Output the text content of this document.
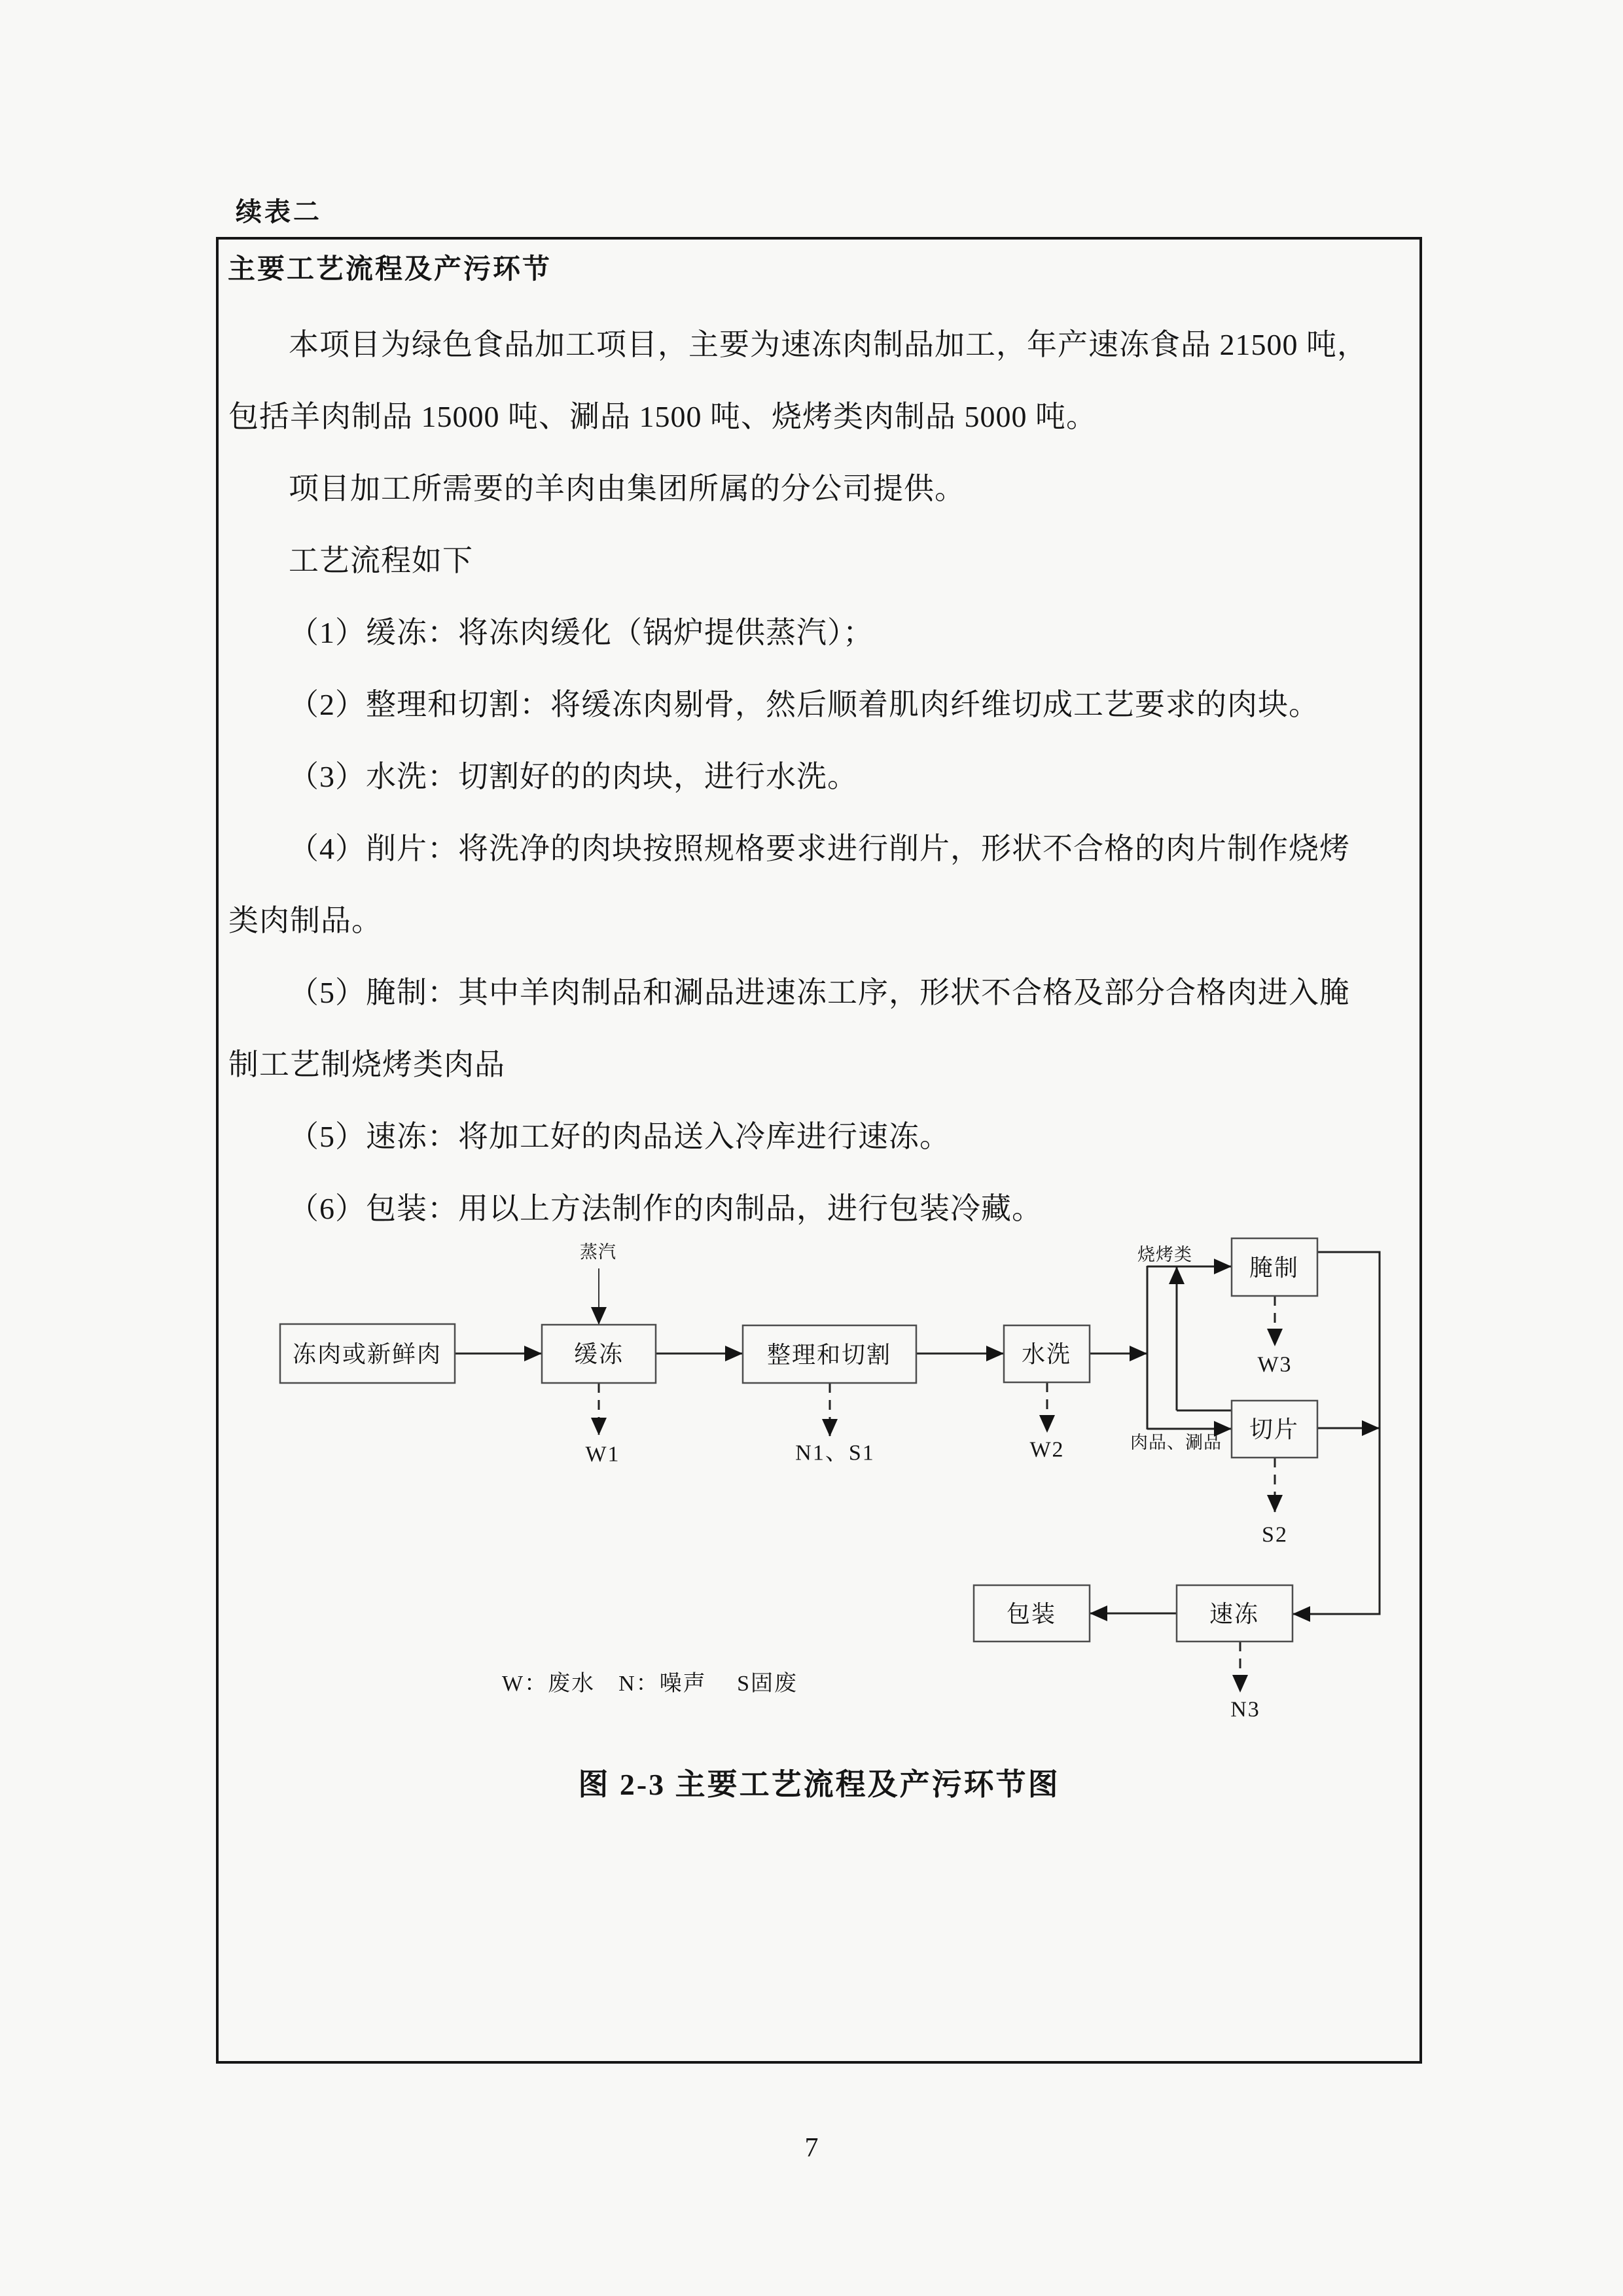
续表二
主要工艺流程及产污环节
本项目为绿色食品加工项目，主要为速冻肉制品加工，年产速冻食品 21500 吨，
包括羊肉制品 15000 吨、涮品 1500 吨、烧烤类肉制品 5000 吨。
项目加工所需要的羊肉由集团所属的分公司提供。
工艺流程如下
（1）缓冻：将冻肉缓化（锅炉提供蒸汽）；
（2）整理和切割：将缓冻肉剔骨，然后顺着肌肉纤维切成工艺要求的肉块。
（3）水洗：切割好的的肉块，进行水洗。
（4）削片：将洗净的肉块按照规格要求进行削片，形状不合格的肉片制作烧烤
类肉制品。
（5）腌制：其中羊肉制品和涮品进速冻工序，形状不合格及部分合格肉进入腌
制工艺制烧烤类肉品
（5）速冻：将加工好的肉品送入冷库进行速冻。
（6）包装：用以上方法制作的肉制品，进行包装冷藏。
冻肉或新鲜肉	缓冻	整理和切割	水洗
腌制
切片
包装	速冻
蒸汽	烧烤类
肉品、涮品
W1	N1、S1	W2
W3
S2
N3
W：废水　N：噪声　 S固废
图 2-3 主要工艺流程及产污环节图
7
